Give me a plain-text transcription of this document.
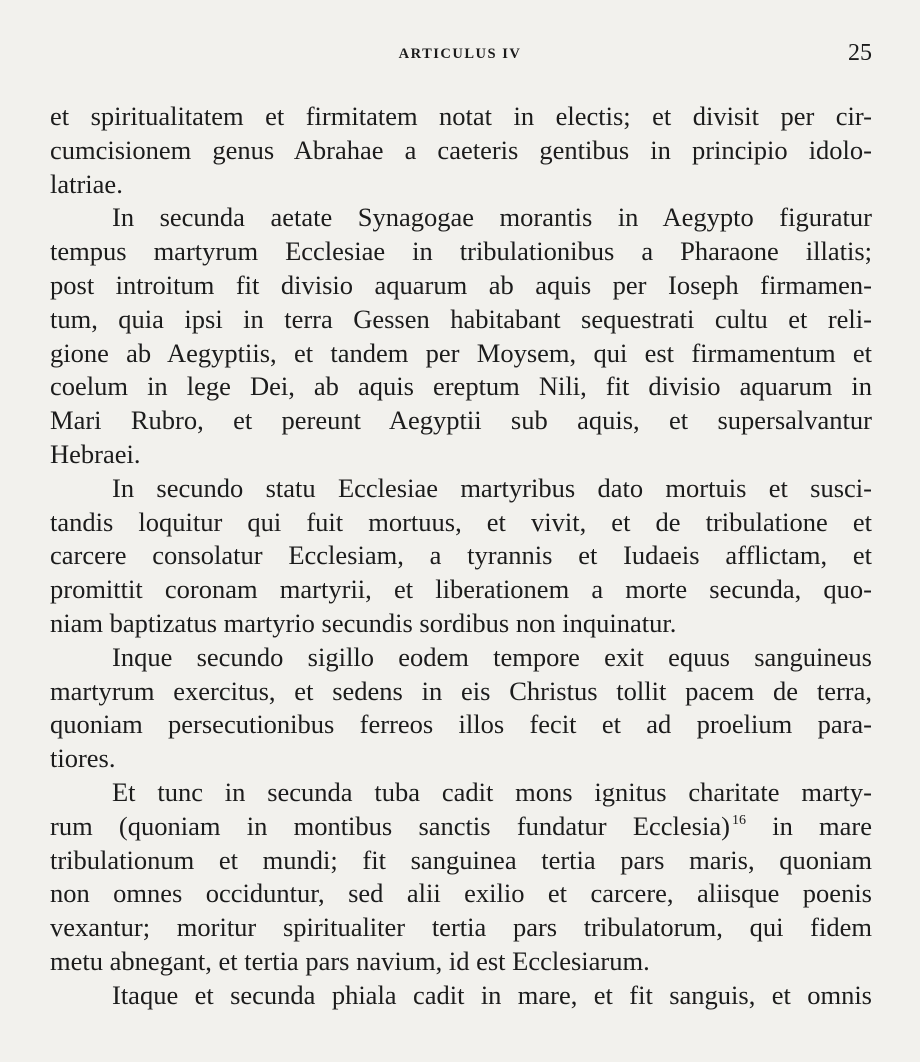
ARTICULUS IV	25
et spiritualitatem et firmitatem notat in electis; et divisit per cir-
cumcisionem genus Abrahae a caeteris gentibus in principio idolo-
latriae.
In secunda aetate Synagogae morantis in Aegypto figuratur
tempus martyrum Ecclesiae in tribulationibus a Pharaone illatis;
post introitum fit divisio aquarum ab aquis per Ioseph firmamen-
tum, quia ipsi in terra Gessen habitabant sequestrati cultu et reli-
gione ab Aegyptiis, et tandem per Moysem, qui est firmamentum et
coelum in lege Dei, ab aquis ereptum Nili, fit divisio aquarum in
Mari Rubro, et pereunt Aegyptii sub aquis, et supersalvantur
Hebraei.
In secundo statu Ecclesiae martyribus dato mortuis et susci-
tandis loquitur qui fuit mortuus, et vivit, et de tribulatione et
carcere consolatur Ecclesiam, a tyrannis et Iudaeis afflictam, et
promittit coronam martyrii, et liberationem a morte secunda, quo-
niam baptizatus martyrio secundis sordibus non inquinatur.
Inque secundo sigillo eodem tempore exit equus sanguineus
martyrum exercitus, et sedens in eis Christus tollit pacem de terra,
quoniam persecutionibus ferreos illos fecit et ad proelium para-
tiores.
Et tunc in secunda tuba cadit mons ignitus charitate marty-
rum (quoniam in montibus sanctis fundatur Ecclesia) $^{16}$ in mare
tribulationum et mundi; fit sanguinea tertia pars maris, quoniam
non omnes occiduntur, sed alii exilio et carcere, aliisque poenis
vexantur; moritur spiritualiter tertia pars tribulatorum, qui fidem
metu abnegant, et tertia pars navium, id est Ecclesiarum.
Itaque et secunda phiala cadit in mare, et fit sanguis, et omnis
